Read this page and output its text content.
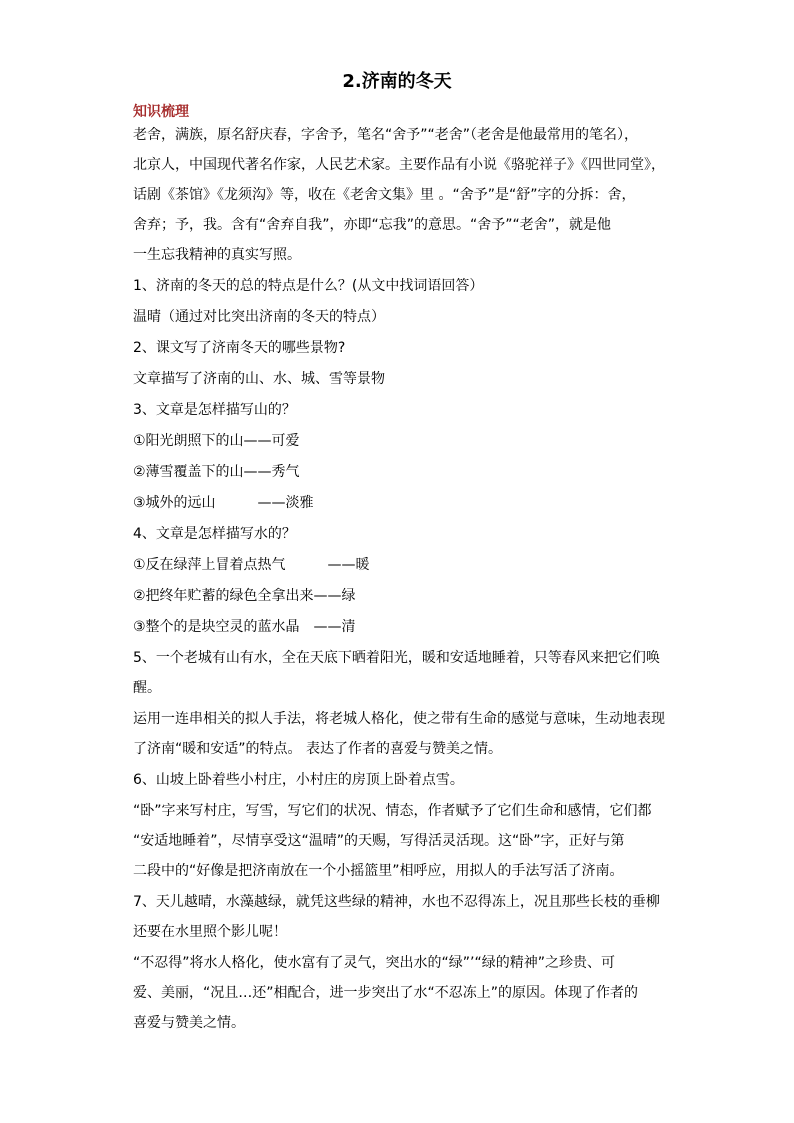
2.济南的冬天
知识梳理
老舍，满族，原名舒庆春，字舍予，笔名“舍予”“老舍”（老舍是他最常用的笔名），
北京人，中国现代著名作家，人民艺术家。主要作品有小说《骆驼祥子》《四世同堂》，
话剧《茶馆》《龙须沟》等，收在《老舍文集》里 。“舍予”是“舒”字的分拆：舍，
舍弃；予，我。含有“舍弃自我”，亦即“忘我”的意思。“舍予”“老舍”，就是他
一生忘我精神的真实写照。
1、济南的冬天的总的特点是什么？(从文中找词语回答）
温晴（通过对比突出济南的冬天的特点）
2、课文写了济南冬天的哪些景物?
文章描写了济南的山、水、城、雪等景物
3、文章是怎样描写山的？
①阳光朗照下的山——可爱
②薄雪覆盖下的山——秀气
③城外的远山　　　——淡雅
4、文章是怎样描写水的？
①反在绿萍上冒着点热气　　　——暖
②把终年贮蓄的绿色全拿出来——绿
③整个的是块空灵的蓝水晶　——清
5、一个老城有山有水，全在天底下晒着阳光，暖和安适地睡着，只等春风来把它们唤
醒。
运用一连串相关的拟人手法，将老城人格化，使之带有生命的感觉与意味，生动地表现
了济南“暖和安适”的特点。 表达了作者的喜爱与赞美之情。
6、山坡上卧着些小村庄，小村庄的房顶上卧着点雪。
“卧”字来写村庄，写雪，写它们的状况、情态，作者赋予了它们生命和感情，它们都
“安适地睡着”，尽情享受这“温晴”的天赐，写得活灵活现。这“卧”字，正好与第
二段中的“好像是把济南放在一个小摇篮里”相呼应，用拟人的手法写活了济南。
7、天儿越晴，水藻越绿，就凭这些绿的精神，水也不忍得冻上，况且那些长枝的垂柳
还要在水里照个影儿呢！
“不忍得”将水人格化，使水富有了灵气，突出水的“绿”’“绿的精神”之珍贵、可
爱、美丽，“况且…还”相配合，进一步突出了水“不忍冻上”的原因。体现了作者的
喜爱与赞美之情。
